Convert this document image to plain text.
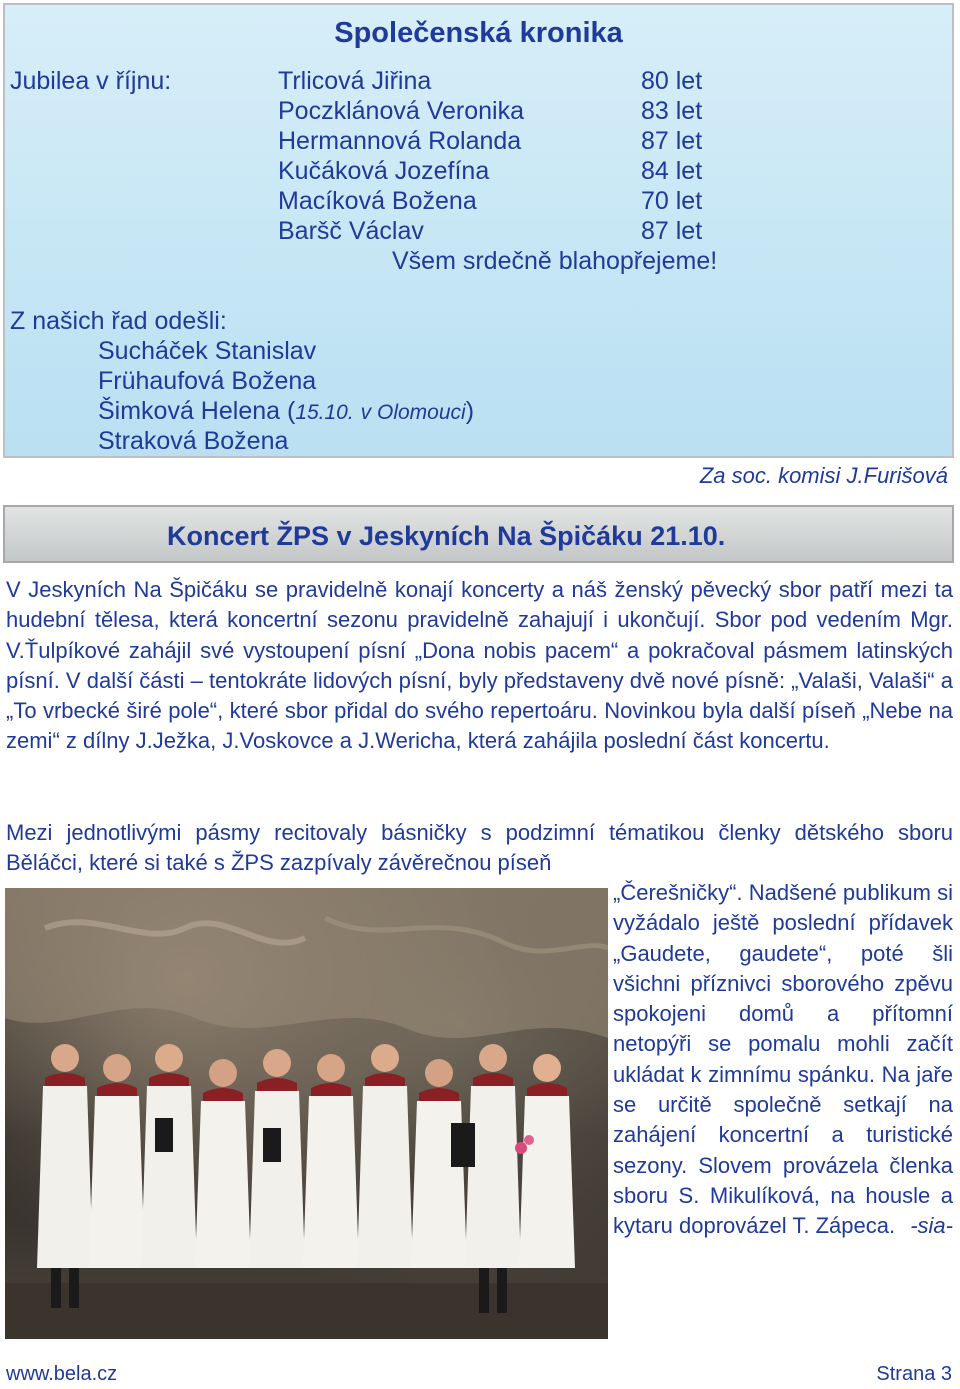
Společenská kronika
Jubilea v říjnu:	Trlicová Jiřina	80 let
Poczklánová Veronika	83 let
Hermannová Rolanda	87 let
Kučáková Jozefína	84 let
Macíková Božena	70 let
Baršč Václav	87 let
Všem srdečně blahopřejeme!
Z našich řad odešli:
Sucháček Stanislav
Frühaufová Božena
Šimková Helena (15.10. v Olomouci)
Straková Božena
Za soc. komisi J.Furišová
Koncert ŽPS v Jeskyních Na Špičáku 21.10.

V Jeskyních Na Špičáku se pravidelně konají koncerty a náš ženský pěvecký sbor patří mezi ta hudební tělesa, která koncertní sezonu pravidelně zahajují i ukončují. Sbor pod vedením Mgr. V.Ťulpíkové zahájil své vystoupení písní „Dona nobis pacem“ a pokračoval pásmem latinských písní. V další části – tentokráte lidových písní, byly představeny dvě nové písně: „Valaši, Valaši“ a „To vrbecké širé pole“, které sbor přidal do svého repertoáru. Novinkou byla další píseň „Nebe na zemi“ z dílny J.Ježka, J.Voskovce a J.Wericha, která zahájila poslední část koncertu.

Mezi jednotlivými pásmy recitovaly básničky s podzimní tématikou členky dětského sboru Běláčci, které si také s ŽPS zazpívaly závěrečnou píseň

„Čerešničky“. Nadšené publikum si vyžádalo ještě poslední přídavek „Gaudete, gaudete“, poté šli všichni příznivci sborového zpěvu spokojeni domů a přítomní netopýři se pomalu mohli začít ukládat k zimnímu spánku. Na jaře se určitě společně setkají na zahájení koncertní a turistické sezony. Slovem provázela členka sboru S. Mikulíková, na housle a kytaru doprovázel T. Zápeca. -sia-
www.bela.cz	Strana 3
